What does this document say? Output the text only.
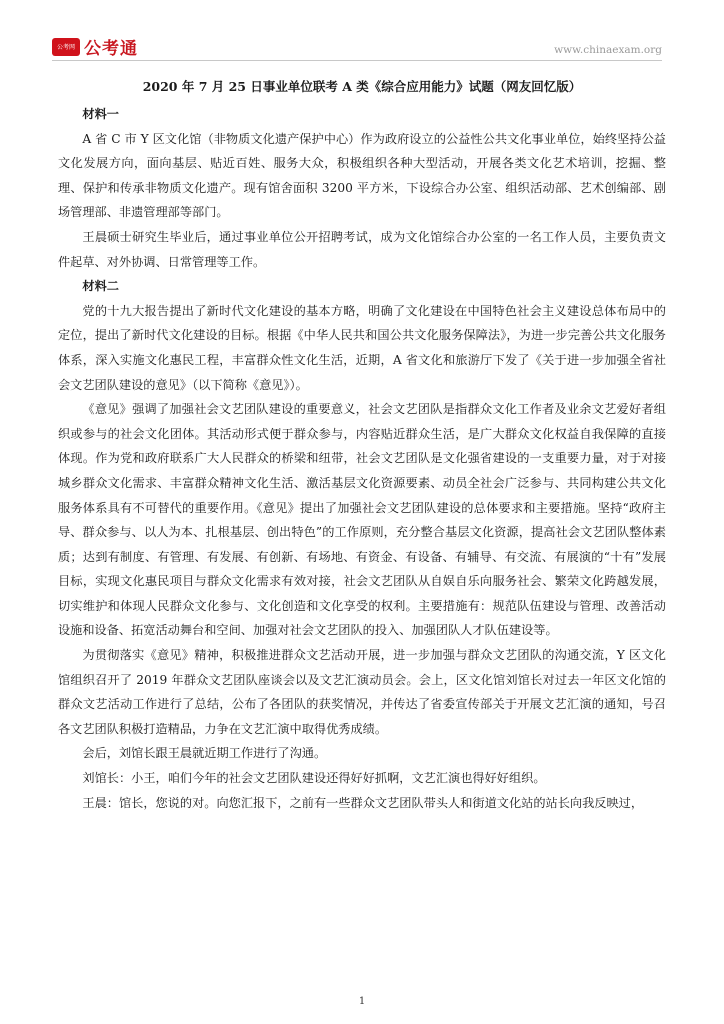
公考网 公考通	www.chinaexam.org

2020 年 7 月 25 日事业单位联考 A 类《综合应用能力》试题（网友回忆版）

材料一

A 省 C 市 Y 区文化馆（非物质文化遗产保护中心）作为政府设立的公益性公共文化事业单位，始终坚持公益文化发展方向，面向基层、贴近百姓、服务大众，积极组织各种大型活动，开展各类文化艺术培训，挖掘、整理、保护和传承非物质文化遗产。现有馆舍面积 3200 平方米，下设综合办公室、组织活动部、艺术创编部、剧场管理部、非遗管理部等部门。

王晨硕士研究生毕业后，通过事业单位公开招聘考试，成为文化馆综合办公室的一名工作人员，主要负责文件起草、对外协调、日常管理等工作。

材料二

党的十九大报告提出了新时代文化建设的基本方略，明确了文化建设在中国特色社会主义建设总体布局中的定位，提出了新时代文化建设的目标。根据《中华人民共和国公共文化服务保障法》，为进一步完善公共文化服务体系，深入实施文化惠民工程，丰富群众性文化生活，近期，A 省文化和旅游厅下发了《关于进一步加强全省社会文艺团队建设的意见》（以下简称《意见》）。

《意见》强调了加强社会文艺团队建设的重要意义，社会文艺团队是指群众文化工作者及业余文艺爱好者组织或参与的社会文化团体。其活动形式便于群众参与，内容贴近群众生活，是广大群众文化权益自我保障的直接体现。作为党和政府联系广大人民群众的桥梁和纽带，社会文艺团队是文化强省建设的一支重要力量，对于对接城乡群众文化需求、丰富群众精神文化生活、激活基层文化资源要素、动员全社会广泛参与、共同构建公共文化服务体系具有不可替代的重要作用。《意见》提出了加强社会文艺团队建设的总体要求和主要措施。坚持“政府主导、群众参与、以人为本、扎根基层、创出特色”的工作原则，充分整合基层文化资源，提高社会文艺团队整体素质；达到有制度、有管理、有发展、有创新、有场地、有资金、有设备、有辅导、有交流、有展演的“十有”发展目标，实现文化惠民项目与群众文化需求有效对接，社会文艺团队从自娱自乐向服务社会、繁荣文化跨越发展，切实维护和体现人民群众文化参与、文化创造和文化享受的权利。主要措施有：规范队伍建设与管理、改善活动设施和设备、拓宽活动舞台和空间、加强对社会文艺团队的投入、加强团队人才队伍建设等。

为贯彻落实《意见》精神，积极推进群众文艺活动开展，进一步加强与群众文艺团队的沟通交流，Y 区文化馆组织召开了 2019 年群众文艺团队座谈会以及文艺汇演动员会。会上，区文化馆刘馆长对过去一年区文化馆的群众文艺活动工作进行了总结，公布了各团队的获奖情况，并传达了省委宣传部关于开展文艺汇演的通知，号召各文艺团队积极打造精品，力争在文艺汇演中取得优秀成绩。

会后，刘馆长跟王晨就近期工作进行了沟通。

刘馆长：小王，咱们今年的社会文艺团队建设还得好好抓啊，文艺汇演也得好好组织。

王晨：馆长，您说的对。向您汇报下，之前有一些群众文艺团队带头人和街道文化站的站长向我反映过，

1
